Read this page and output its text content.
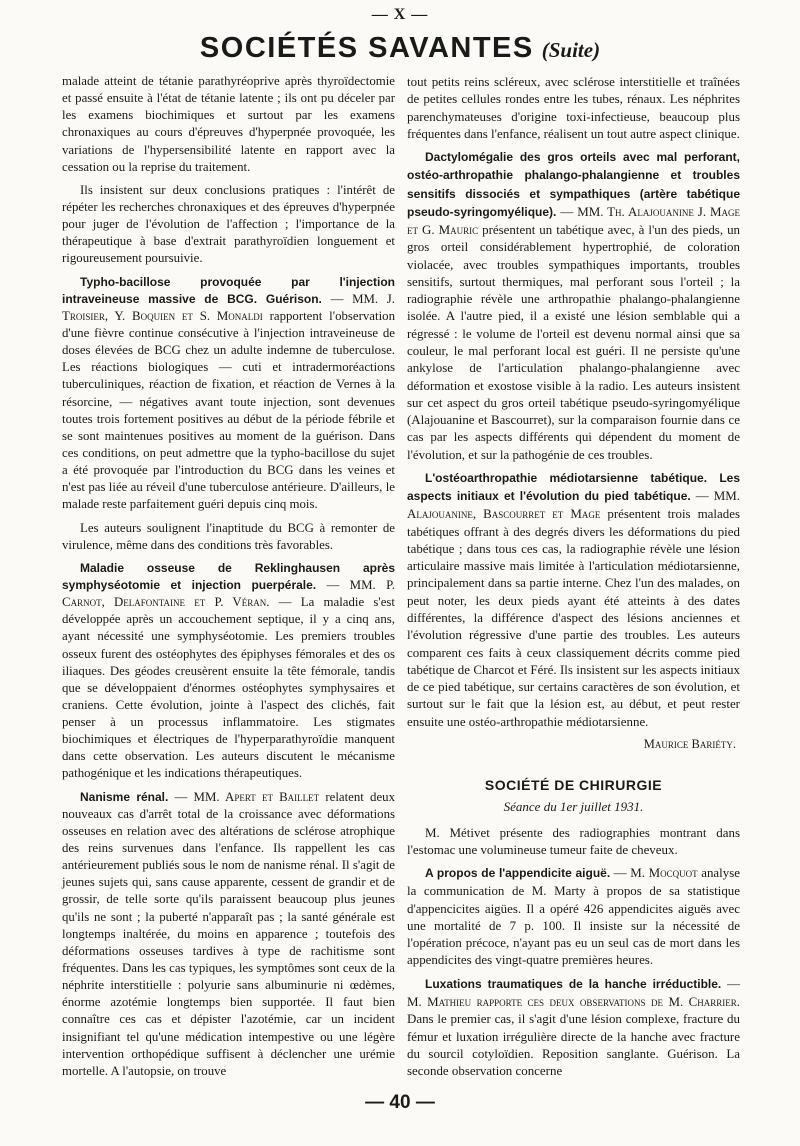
— X —
SOCIÉTÉS SAVANTES (Suite)

malade atteint de tétanie parathyréoprive après thyroïdectomie et passé ensuite à l'état de tétanie latente ; ils ont pu déceler par les examens biochimiques et surtout par les examens chronaxiques au cours d'épreuves d'hyperpnée provoquée, les variations de l'hypersensibilité latente en rapport avec la cessation ou la reprise du traitement.

Ils insistent sur deux conclusions pratiques : l'intérêt de répéter les recherches chronaxiques et des épreuves d'hyperpnée pour juger de l'évolution de l'affection ; l'importance de la thérapeutique à base d'extrait parathyroïdien longuement et rigoureusement poursuivie.

Typho-bacillose provoquée par l'injection intraveineuse massive de BCG. Guérison. — MM. J. Troisier, Y. Boquien et S. Monaldi rapportent l'observation d'une fièvre continue consécutive à l'injection intraveineuse de doses élevées de BCG chez un adulte indemne de tuberculose. Les réactions biologiques — cuti et intradermoréactions tuberculiniques, réaction de fixation, et réaction de Vernes à la résorcine, — négatives avant toute injection, sont devenues toutes trois fortement positives au début de la période fébrile et se sont maintenues positives au moment de la guérison. Dans ces conditions, on peut admettre que la typho-bacillose du sujet a été provoquée par l'introduction du BCG dans les veines et n'est pas liée au réveil d'une tuberculose antérieure. D'ailleurs, le malade reste parfaitement guéri depuis cinq mois.

Les auteurs soulignent l'inaptitude du BCG à remonter de virulence, même dans des conditions très favorables.

Maladie osseuse de Reklinghausen après symphyséotomie et injection puerpérale. — MM. P. Carnot, Delafontaine et P. Véran. — La maladie s'est développée après un accouchement septique, il y a cinq ans, ayant nécessité une symphyséotomie. Les premiers troubles osseux furent des ostéophytes des épiphyses fémorales et des os iliaques. Des géodes creusèrent ensuite la tête fémorale, tandis que se développaient d'énormes ostéophytes symphysaires et craniens. Cette évolution, jointe à l'aspect des clichés, fait penser à un processus inflammatoire. Les stigmates biochimiques et électriques de l'hyperparathyroïdie manquent dans cette observation. Les auteurs discutent le mécanisme pathogénique et les indications thérapeutiques.

Nanisme rénal. — MM. Apert et Baillet relatent deux nouveaux cas d'arrêt total de la croissance avec déformations osseuses en relation avec des altérations de sclérose atrophique des reins survenues dans l'enfance. Ils rappellent les cas antérieurement publiés sous le nom de nanisme rénal. Il s'agit de jeunes sujets qui, sans cause apparente, cessent de grandir et de grossir, de telle sorte qu'ils paraissent beaucoup plus jeunes qu'ils ne sont ; la puberté n'apparaît pas ; la santé générale est longtemps inaltérée, du moins en apparence ; toutefois des déformations osseuses tardives à type de rachitisme sont fréquentes. Dans les cas typiques, les symptômes sont ceux de la néphrite interstitielle : polyurie sans albuminurie ni œdèmes, énorme azotémie longtemps bien supportée. Il faut bien connaître ces cas et dépister l'azotémie, car un incident insignifiant tel qu'une médication intempestive ou une légère intervention orthopédique suffisent à déclencher une urémie mortelle. A l'autopsie, on trouve

tout petits reins scléreux, avec sclérose interstitielle et traînées de petites cellules rondes entre les tubes, rénaux. Les néphrites parenchymateuses d'origine toxi-infectieuse, beaucoup plus fréquentes dans l'enfance, réalisent un tout autre aspect clinique.

Dactylomégalie des gros orteils avec mal perforant, ostéo-arthropathie phalango-phalangienne et troubles sensitifs dissociés et sympathiques (artère tabétique pseudo-syringomyélique). — MM. Th. Alajouanine J. Mage et G. Mauric présentent un tabétique avec, à l'un des pieds, un gros orteil considérablement hypertrophié, de coloration violacée, avec troubles sympathiques importants, troubles sensitifs, surtout thermiques, mal perforant sous l'orteil ; la radiographie révèle une arthropathie phalango-phalangienne isolée. A l'autre pied, il a existé une lésion semblable qui a régressé : le volume de l'orteil est devenu normal ainsi que sa couleur, le mal perforant local est guéri. Il ne persiste qu'une ankylose de l'articulation phalango-phalangienne avec déformation et exostose visible à la radio. Les auteurs insistent sur cet aspect du gros orteil tabétique pseudo-syringomyélique (Alajouanine et Bascourret), sur la comparaison fournie dans ce cas par les aspects différents qui dépendent du moment de l'évolution, et sur la pathogénie de ces troubles.

L'ostéoarthropathie médiotarsienne tabétique. Les aspects initiaux et l'évolution du pied tabétique. — MM. Alajouanine, Bascourret et Mage présentent trois malades tabétiques offrant à des degrés divers les déformations du pied tabétique ; dans tous ces cas, la radiographie révèle une lésion articulaire massive mais limitée à l'articulation médiotarsienne, principalement dans sa partie interne. Chez l'un des malades, on peut noter, les deux pieds ayant été atteints à des dates différentes, la différence d'aspect des lésions anciennes et l'évolution régressive d'une partie des troubles. Les auteurs comparent ces faits à ceux classiquement décrits comme pied tabétique de Charcot et Féré. Ils insistent sur les aspects initiaux de ce pied tabétique, sur certains caractères de son évolution, et surtout sur le fait que la lésion est, au début, et peut rester ensuite une ostéo-arthropathie médiotarsienne.

Maurice Bariéty.
SOCIÉTÉ DE CHIRURGIE
Séance du 1er juillet 1931.

M. Métivet présente des radiographies montrant dans l'estomac une volumineuse tumeur faite de cheveux.

A propos de l'appendicite aiguë. — M. Mocquot analyse la communication de M. Marty à propos de sa statistique d'appencicites aigües. Il a opéré 426 appendicites aiguës avec une mortalité de 7 p. 100. Il insiste sur la nécessité de l'opération précoce, n'ayant pas eu un seul cas de mort dans les appendicites des vingt-quatre premières heures.

Luxations traumatiques de la hanche irréductible. — M. Mathieu rapporte ces deux observations de M. Charrier. Dans le premier cas, il s'agit d'une lésion complexe, fracture du fémur et luxation irrégulière directe de la hanche avec fracture du sourcil cotyloïdien. Reposition sanglante. Guérison. La seconde observation concerne

— 40 —
